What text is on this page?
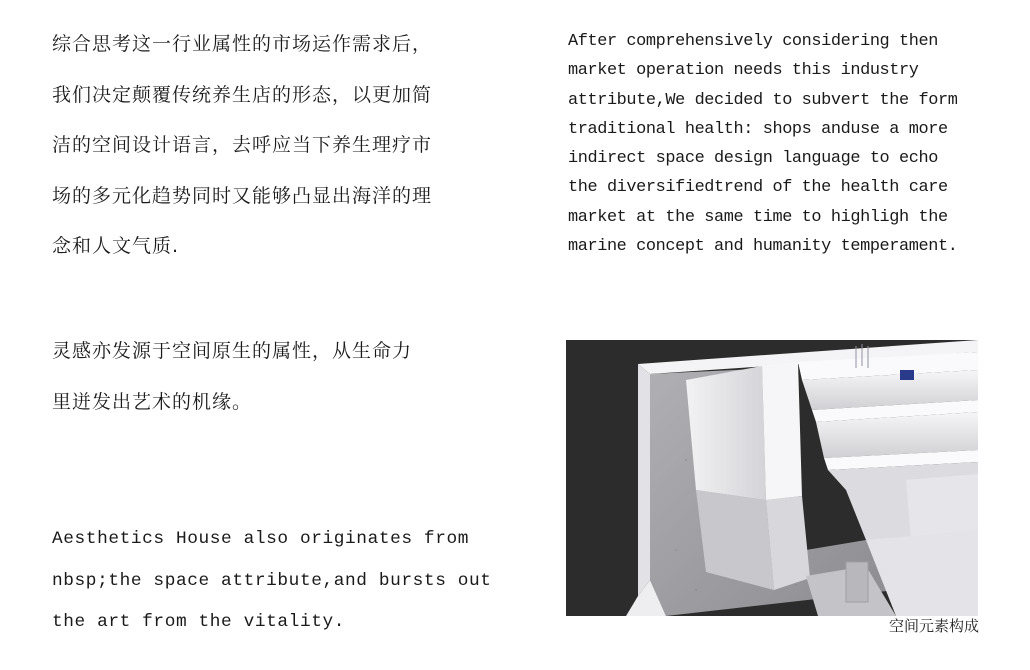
综合思考这一行业属性的市场运作需求后，

我们决定颠覆传统养生店的形态，以更加简

洁的空间设计语言，去呼应当下养生理疗市

场的多元化趋势同时又能够凸显出海洋的理

念和人文气质.

灵感亦发源于空间原生的属性，从生命力

里迸发出艺术的机缘。

Aesthetics House also originates from

nbsp;the space attribute,and bursts out

the art from the vitality.

After comprehensively considering then

market operation needs this industry

attribute,We decided to subvert the form

traditional health: shops anduse a more

indirect space design language to echo

the diversifiedtrend of the health care

market at the same time to highligh the

marine concept and humanity temperament.

空间元素构成
